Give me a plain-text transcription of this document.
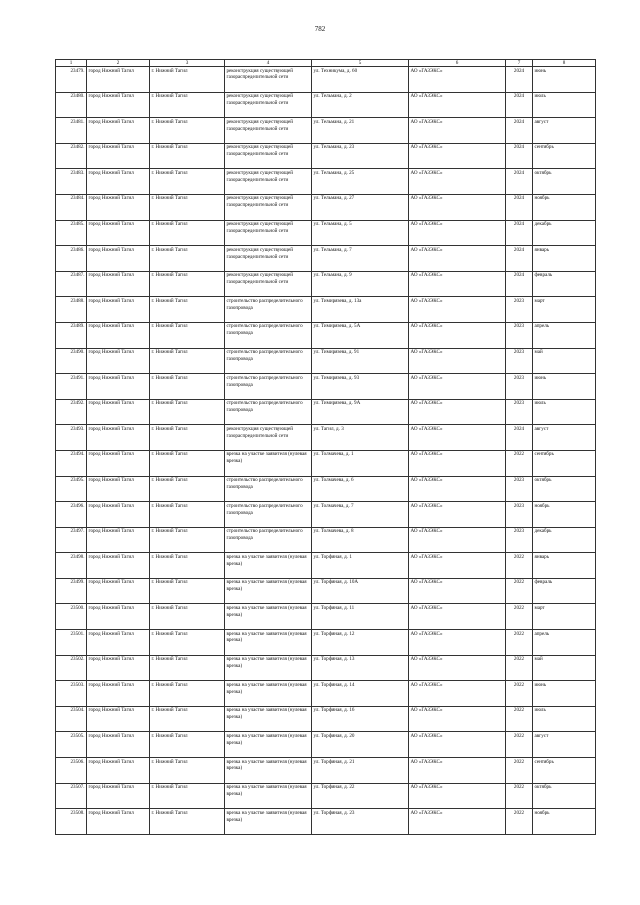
782
1	2	3	4	5	6	7	8
23479.	город Нижний Тагил	г. Нижний Тагил	реконструкция существующей газораспределительной сети	ул. Техникума, д. 60	АО «ГАЗЭКС»	2024	июнь
23480.	город Нижний Тагил	г. Нижний Тагил	реконструкция существующей газораспределительной сети	ул. Тельмана, д. 2	АО «ГАЗЭКС»	2024	июль
23481.	город Нижний Тагил	г. Нижний Тагил	реконструкция существующей газораспределительной сети	ул. Тельмана, д. 21	АО «ГАЗЭКС»	2024	август
23482.	город Нижний Тагил	г. Нижний Тагил	реконструкция существующей газораспределительной сети	ул. Тельмана, д. 23	АО «ГАЗЭКС»	2024	сентябрь
23483.	город Нижний Тагил	г. Нижний Тагил	реконструкция существующей газораспределительной сети	ул. Тельмана, д. 25	АО «ГАЗЭКС»	2024	октябрь
23484.	город Нижний Тагил	г. Нижний Тагил	реконструкция существующей газораспределительной сети	ул. Тельмана, д. 27	АО «ГАЗЭКС»	2024	ноябрь
23485.	город Нижний Тагил	г. Нижний Тагил	реконструкция существующей газораспределительной сети	ул. Тельмана, д. 5	АО «ГАЗЭКС»	2024	декабрь
23486.	город Нижний Тагил	г. Нижний Тагил	реконструкция существующей газораспределительной сети	ул. Тельмана, д. 7	АО «ГАЗЭКС»	2024	январь
23487.	город Нижний Тагил	г. Нижний Тагил	реконструкция существующей газораспределительной сети	ул. Тельмана, д. 9	АО «ГАЗЭКС»	2024	февраль
23488.	город Нижний Тагил	г. Нижний Тагил	строительство распределительного газопровода	ул. Тимирязева, д. 13а	АО «ГАЗЭКС»	2023	март
23489.	город Нижний Тагил	г. Нижний Тагил	строительство распределительного газопровода	ул. Тимирязева, д. 5А	АО «ГАЗЭКС»	2023	апрель
23490.	город Нижний Тагил	г. Нижний Тагил	строительство распределительного газопровода	ул. Тимирязева, д. 91	АО «ГАЗЭКС»	2023	май
23491.	город Нижний Тагил	г. Нижний Тагил	строительство распределительного газопровода	ул. Тимирязева, д. 93	АО «ГАЗЭКС»	2023	июнь
23492.	город Нижний Тагил	г. Нижний Тагил	строительство распределительного газопровода	ул. Тимирязева, д. 9А	АО «ГАЗЭКС»	2023	июль
23493.	город Нижний Тагил	г. Нижний Тагил	реконструкция существующей газораспределительной сети	ул. Тагил, д. 3	АО «ГАЗЭКС»	2024	август
23494.	город Нижний Тагил	г. Нижний Тагил	врезка на участке заявителя (нулевая врезка)	ул. Толмачева, д. 1	АО «ГАЗЭКС»	2022	сентябрь
23495.	город Нижний Тагил	г. Нижний Тагил	строительство распределительного газопровода	ул. Толмачева, д. 6	АО «ГАЗЭКС»	2023	октябрь
23496.	город Нижний Тагил	г. Нижний Тагил	строительство распределительного газопровода	ул. Толмачева, д. 7	АО «ГАЗЭКС»	2023	ноябрь
23497.	город Нижний Тагил	г. Нижний Тагил	строительство распределительного газопровода	ул. Толмачева, д. 8	АО «ГАЗЭКС»	2023	декабрь
23498.	город Нижний Тагил	г. Нижний Тагил	врезка на участке заявителя (нулевая врезка)	ул. Торфяная, д. 1	АО «ГАЗЭКС»	2022	январь
23499.	город Нижний Тагил	г. Нижний Тагил	врезка на участке заявителя (нулевая врезка)	ул. Торфяная, д. 10А	АО «ГАЗЭКС»	2022	февраль
23500.	город Нижний Тагил	г. Нижний Тагил	врезка на участке заявителя (нулевая врезка)	ул. Торфяная, д. 11	АО «ГАЗЭКС»	2022	март
23501.	город Нижний Тагил	г. Нижний Тагил	врезка на участке заявителя (нулевая врезка)	ул. Торфяная, д. 12	АО «ГАЗЭКС»	2022	апрель
23502.	город Нижний Тагил	г. Нижний Тагил	врезка на участке заявителя (нулевая врезка)	ул. Торфяная, д. 13	АО «ГАЗЭКС»	2022	май
23503.	город Нижний Тагил	г. Нижний Тагил	врезка на участке заявителя (нулевая врезка)	ул. Торфяная, д. 14	АО «ГАЗЭКС»	2022	июнь
23504.	город Нижний Тагил	г. Нижний Тагил	врезка на участке заявителя (нулевая врезка)	ул. Торфяная, д. 16	АО «ГАЗЭКС»	2022	июль
23505.	город Нижний Тагил	г. Нижний Тагил	врезка на участке заявителя (нулевая врезка)	ул. Торфяная, д. 20	АО «ГАЗЭКС»	2022	август
23506.	город Нижний Тагил	г. Нижний Тагил	врезка на участке заявителя (нулевая врезка)	ул. Торфяная, д. 21	АО «ГАЗЭКС»	2022	сентябрь
23507.	город Нижний Тагил	г. Нижний Тагил	врезка на участке заявителя (нулевая врезка)	ул. Торфяная, д. 22	АО «ГАЗЭКС»	2022	октябрь
23508.	город Нижний Тагил	г. Нижний Тагил	врезка на участке заявителя (нулевая врезка)	ул. Торфяная, д. 23	АО «ГАЗЭКС»	2022	ноябрь
